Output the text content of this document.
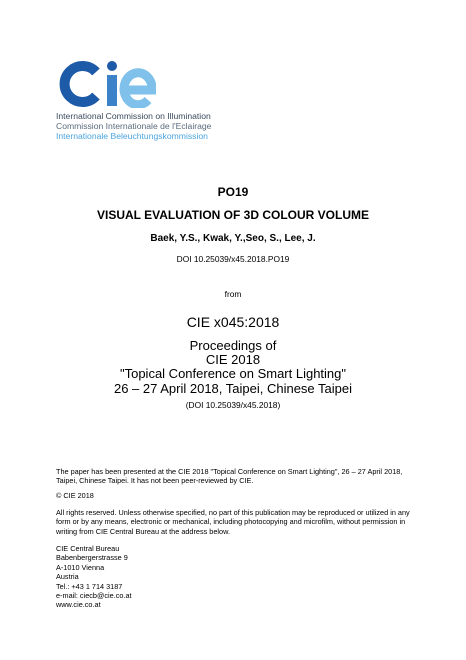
International Commission on Illumination
Commission Internationale de l'Eclairage
Internationale Beleuchtungskommission
PO19
VISUAL EVALUATION OF 3D COLOUR VOLUME
Baek, Y.S., Kwak, Y.,Seo, S., Lee, J.
DOI 10.25039/x45.2018.PO19
from
CIE x045:2018
Proceedings of
CIE 2018
"Topical Conference on Smart Lighting"
26 – 27 April 2018, Taipei, Chinese Taipei
(DOI 10.25039/x45.2018)
The paper has been presented at the CIE 2018 "Topical Conference on Smart Lighting", 26 – 27 April 2018, Taipei, Chinese Taipei. It has not been peer-reviewed by CIE.
© CIE 2018
All rights reserved. Unless otherwise specified, no part of this publication may be reproduced or utilized in any form or by any means, electronic or mechanical, including photocopying and microfilm, without permission in writing from CIE Central Bureau at the address below.
CIE Central Bureau
Babenbergerstrasse 9
A-1010 Vienna
Austria
Tel.: +43 1 714 3187
e-mail: ciecb@cie.co.at
www.cie.co.at
